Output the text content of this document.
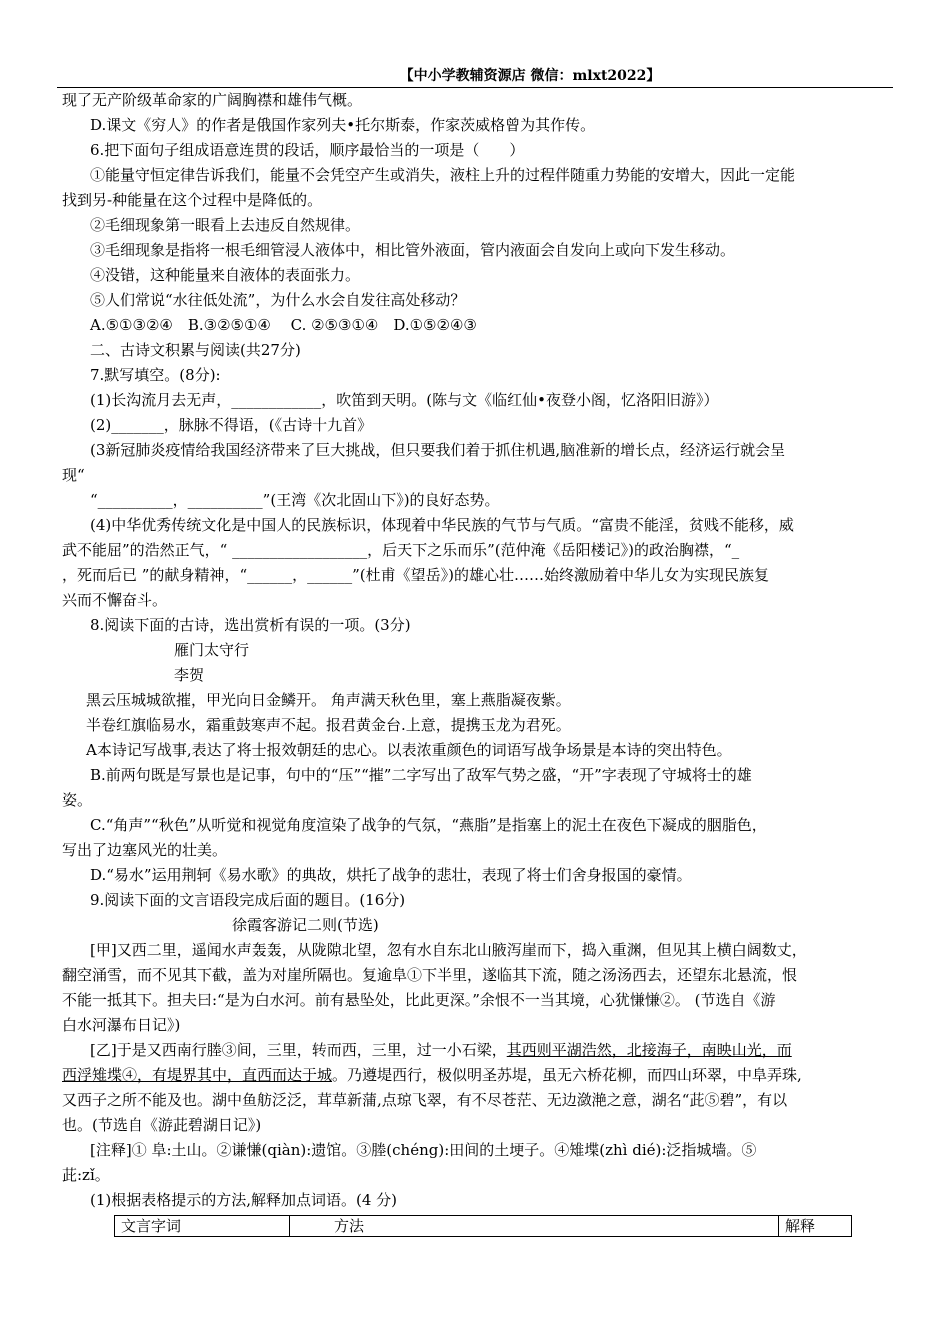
【中小学教辅资源店 微信：mlxt2022】

现了无产阶级革命家的广阔胸襟和雄伟气概。

D.课文《穷人》的作者是俄国作家列夫•托尔斯泰，作家茨威格曾为其作传。

6.把下面句子组成语意连贯的段话，顺序最恰当的一项是（　　）

①能量守恒定律告诉我们，能量不会凭空产生或消失，液柱上升的过程伴随重力势能的安增大，因此一定能

找到另-种能量在这个过程中是降低的。

②毛细现象第一眼看上去违反自然规律。

③毛细现象是指将一根毛细管浸人液体中，相比管外液面，管内液面会自发向上或向下发生移动。

④没错，这种能量来自液体的表面张力。

⑤人们常说“水往低处流”，为什么水会自发往高处移动？

A.⑤①③②④　B.③②⑤①④　 C. ②⑤③①④　D.①⑤②④③

二、古诗文积累与阅读(共27分)

7.默写填空。(8分):

(1)长沟流月去无声，____________，吹笛到天明。(陈与文《临红仙•夜登小阁，忆洛阳旧游》）

(2)_______，脉脉不得语，(《古诗十九首》

(3新冠肺炎疫情给我国经济带来了巨大挑战，但只要我们着于抓住机遇,脑准新的增长点，经济运行就会呈

现“

“__________，__________”(王湾《次北固山下》)的良好态势。

(4)中华优秀传统文化是中国人的民族标识，体现着中华民族的气节与气质。“富贵不能淫，贫贱不能移，威

武不能屈”的浩然正气，“ __________________，后天下之乐而乐”(范仲淹《岳阳楼记》)的政治胸襟，“_

，死而后已 ”的献身精神，“______，______”(杜甫《望岳》)的雄心壮……始终激励着中华儿女为实现民族复

兴而不懈奋斗。

8.阅读下面的古诗，选出赏析有误的一项。(3分)

雁门太守行

李贺

黑云压城城欲摧，甲光向日金鳞开。 角声满天秋色里，塞上燕脂凝夜紫。

半卷红旗临易水，霜重鼓寒声不起。报君黄金台.上意，提携玉龙为君死。

A本诗记写战事,表达了将士报效朝廷的忠心。以表浓重颜色的词语写战争场景是本诗的突出特色。

B.前两句既是写景也是记事，句中的“压”“摧”二字写出了敌军气势之盛，“开”字表现了守城将士的雄

姿。

C.“角声”“秋色”从听觉和视觉角度渲染了战争的气氛，“燕脂”是指塞上的泥土在夜色下凝成的胭脂色，

写出了边塞风光的壮美。

D.“易水”运用荆轲《易水歌》的典故，烘托了战争的悲壮，表现了将士们舍身报国的豪情。

9.阅读下面的文言语段完成后面的题目。(16分)

徐霞客游记二则(节选)

[甲]又西二里，遥闻水声轰轰，从陇隙北望，忽有水自东北山腋泻崖而下，捣入重渊，但见其上横白阔数丈，

翻空涌雪，而不见其下截，盖为对崖所隔也。复逾阜①下半里，遂临其下流，随之汤汤西去，还望东北悬流，恨

不能一抵其下。担夫曰:“是为白水河。前有悬坠处，比此更深。”余恨不一当其境，心犹慊慊②。 (节选自《游

白水河瀑布日记》)

[乙]于是又西南行塍③间，三里，转而西，三里，过一小石梁，其西则平湖浩然，北接海子，南映山光，而

西浮雉堞④，有堤界其中，直西而达于城。乃遵堤西行，极似明圣苏堤，虽无六桥花柳，而四山环翠，中阜弄珠,

又西子之所不能及也。湖中鱼舫泛泛，茸草新蒲,点琼飞翠，有不尽苍茫、无边潋滟之意，湖名“茈⑤碧”，有以

也。(节选自《游茈碧湖日记》)

[注释]① 阜:土山。②谦慊(qiàn):遗馆。③塍(chéng):田间的土埂子。④雉堞(zhì dié):泛指城墙。⑤

茈:zǐ。

(1)根据表格提示的方法,解释加点词语。(4 分)

文言字词	方法	解释
